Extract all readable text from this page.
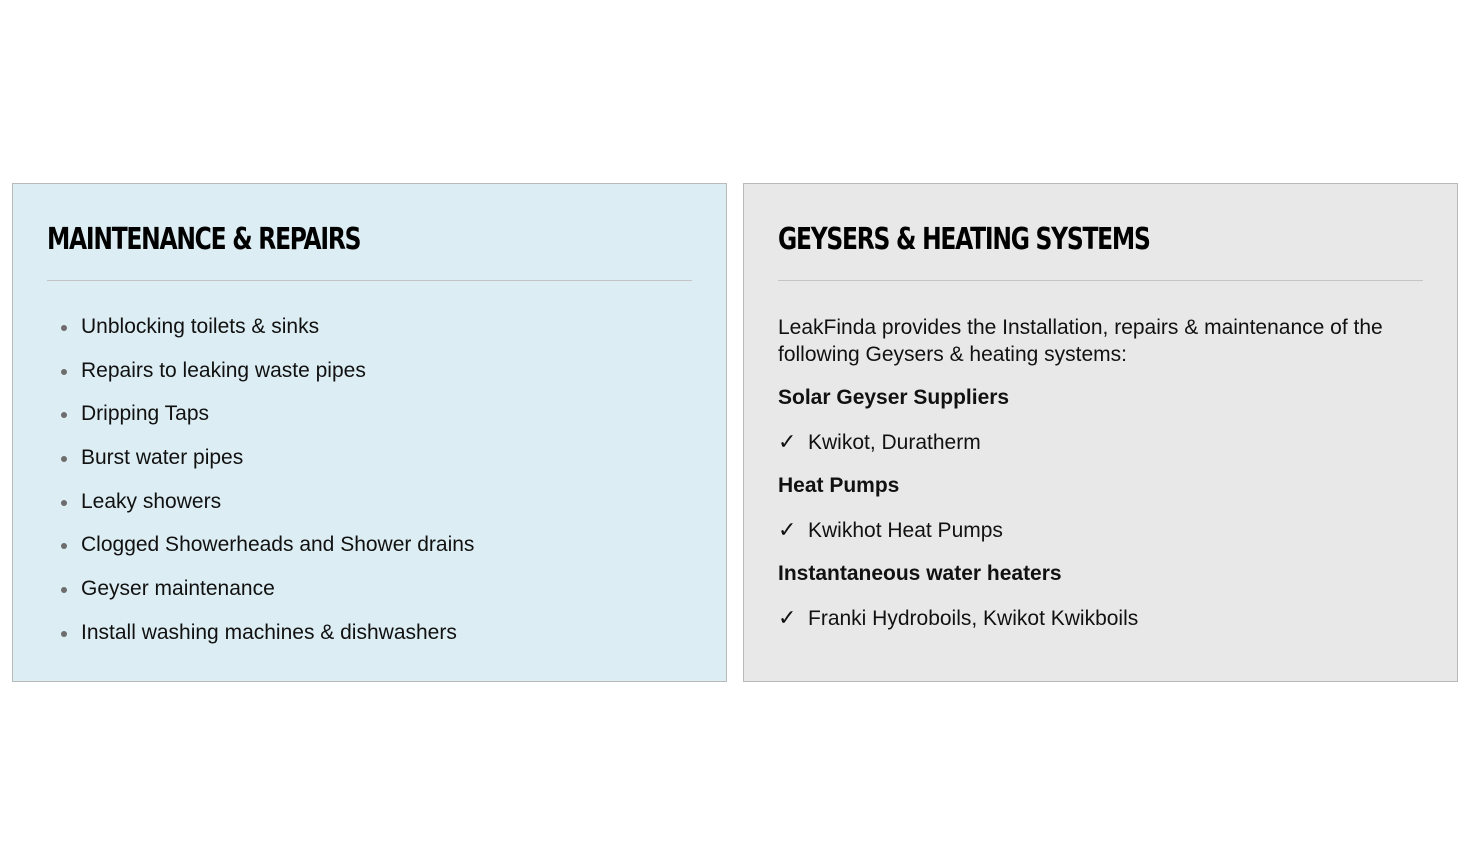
MAINTENANCE & REPAIRS
Unblocking toilets & sinks
Repairs to leaking waste pipes
Dripping Taps
Burst water pipes
Leaky showers
Clogged Showerheads and Shower drains
Geyser maintenance
Install washing machines & dishwashers
GEYSERS & HEATING SYSTEMS

LeakFinda provides the Installation, repairs & maintenance of the following Geysers & heating systems:

Solar Geyser Suppliers

✓ Kwikot, Duratherm

Heat Pumps

✓ Kwikhot Heat Pumps

Instantaneous water heaters

✓ Franki Hydroboils, Kwikot Kwikboils
